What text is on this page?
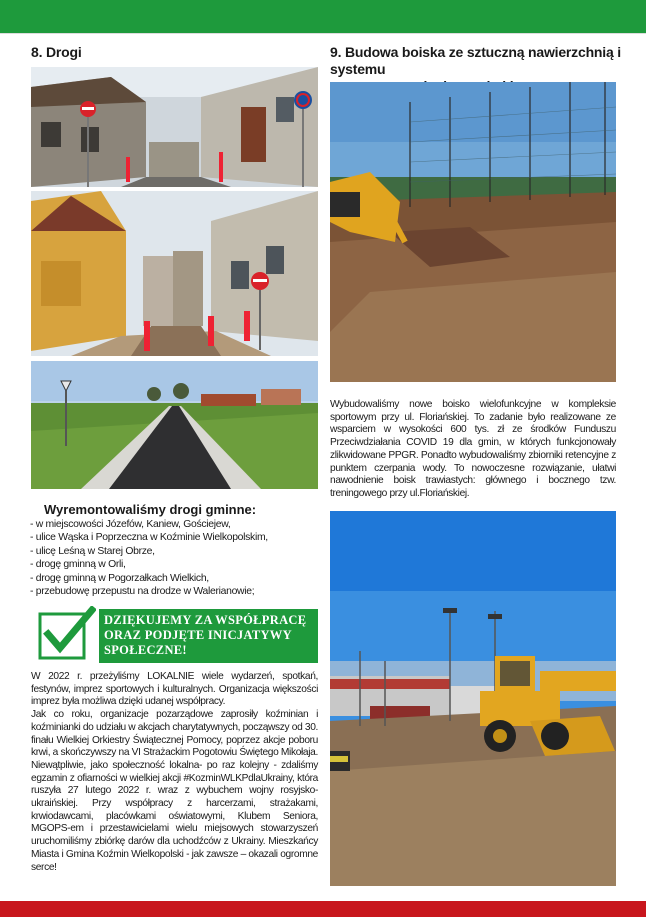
8. Drogi
Wyremontowaliśmy drogi gminne:
- w miejscowości Józefów, Kaniew, Gościejew,
- ulice Wąska i Poprzeczna w Koźminie Wielkopolskim,
- ulicę Leśną w Starej Obrze,
- drogę gminną w Orli,
- drogę gminną w Pogorzałkach Wielkich,
- przebudowę przepustu na drodze w Walerianowie;
DZIĘKUJEMY ZA WSPÓŁPRACĘ
ORAZ PODJĘTE INICJATYWY
SPOŁECZNE!

W 2022 r. przeżyliśmy LOKALNIE wiele wydarzeń, spotkań, festynów, imprez sportowych i kulturalnych. Organizacja większości imprez była możliwa dzięki udanej współpracy.

Jak co roku, organizacje pozarządowe zaprosiły koźminian i koźminianki do udziału w akcjach charytatywnych, począwszy od 30. finału Wielkiej Orkiestry Świątecznej Pomocy, poprzez akcje poboru krwi, a skończywszy na VI Strażackim Pogotowiu Świętego Mikołaja.

Niewątpliwie, jako społeczność lokalna- po raz kolejny - zdaliśmy egzamin z ofiarności w wielkiej akcji #KozminWLKPdlaUkrainy, która ruszyła 27 lutego 2022 r. wraz z wybuchem wojny rosyjsko-ukraińskiej. Przy współpracy z harcerzami, strażakami, krwiodawcami, placówkami oświatowymi, Klubem Seniora, MGOPS-em i przestawicielami wielu miejsowych stowarzyszeń uruchomiliśmy zbiórkę darów dla uchodźców z Ukrainy. Mieszkańcy Miasta i Gmina Koźmin Wielkopolski - jak zawsze – okazali ogromne serce!

9. Budowa boiska ze sztuczną nawierzchnią i systemu
Wybudowaliśmy nowe boisko wielofunkcyjne w kompleksie sportowym przy ul. Floriańskiej. To zadanie było realizowane ze wsparciem w wysokości 600 tys. zł ze środków Funduszu Przeciwdziałania COVID 19 dla gmin, w których funkcjonowały zlikwidowane PPGR. Ponadto wybudowaliśmy zbiorniki retencyjne z punktem czerpania wody. To nowoczesne rozwiązanie, ułatwi nawodnienie boisk trawiastych: głównego i bocznego tzw. treningowego przy ul.Floriańskiej.
